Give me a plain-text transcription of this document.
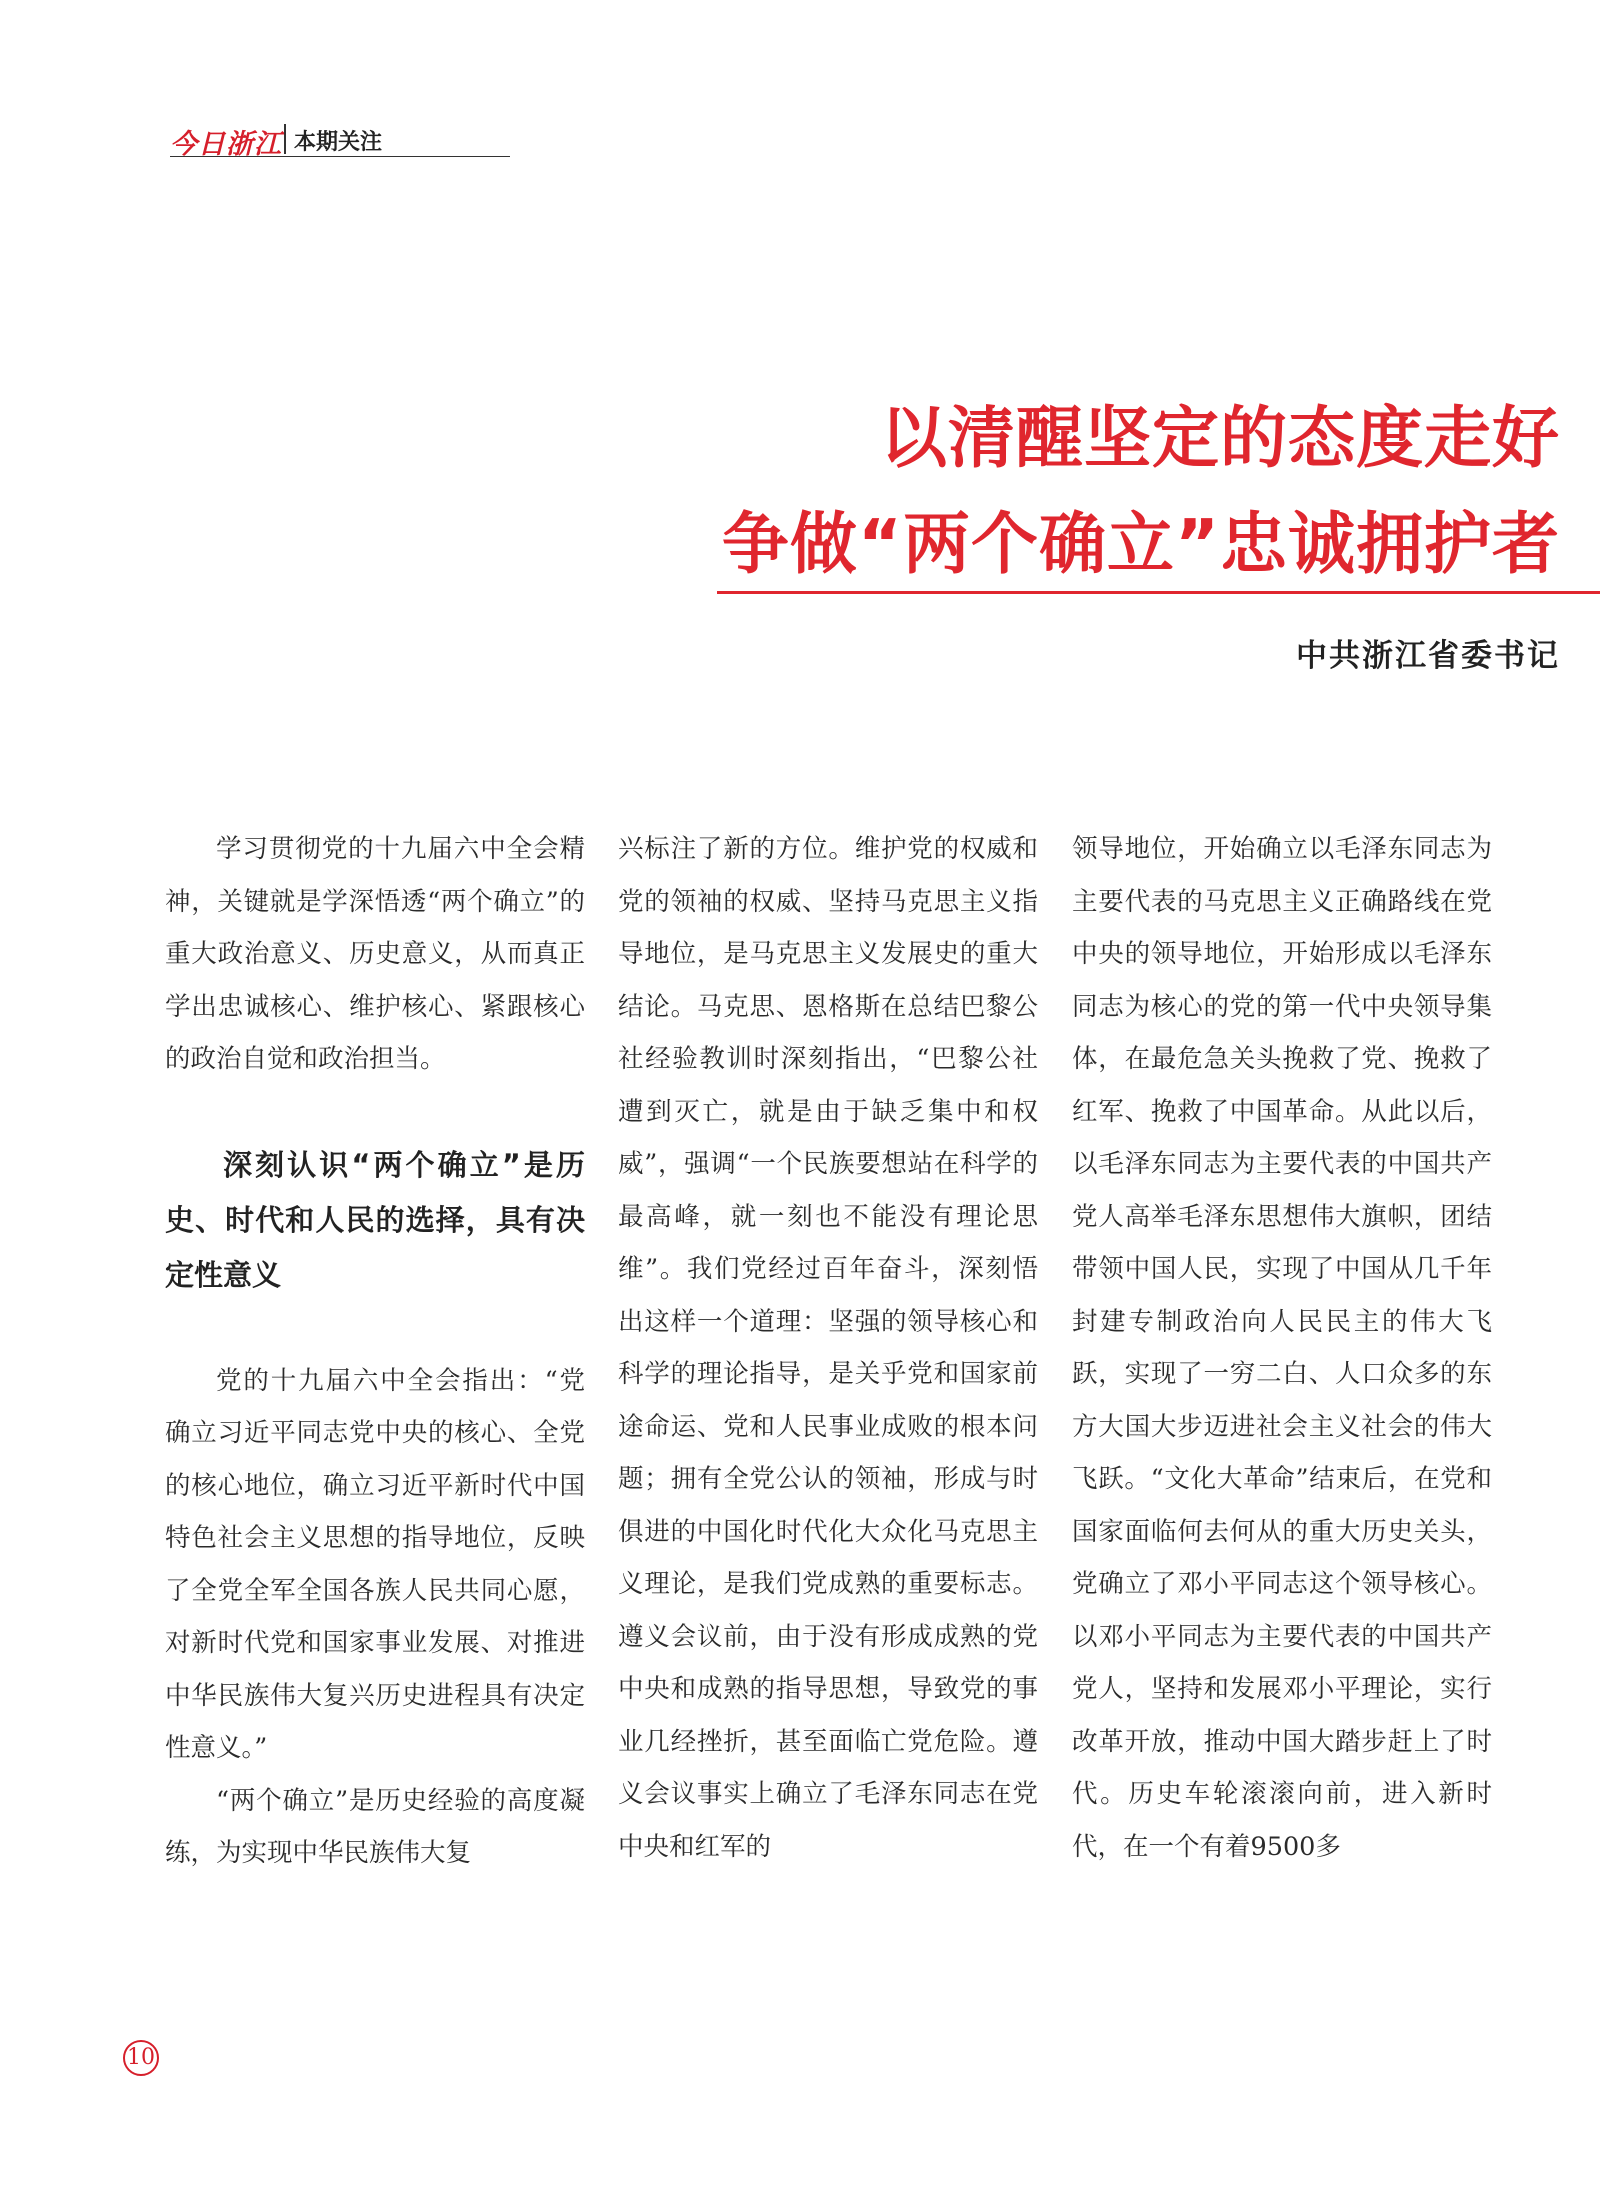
今日浙江 本期关注
以清醒坚定的态度走好
争做“两个确立”忠诚拥护者
中共浙江省委书记

学习贯彻党的十九届六中全会精神，关键就是学深悟透“两个确立”的重大政治意义、历史意义，从而真正学出忠诚核心、维护核心、紧跟核心的政治自觉和政治担当。

深刻认识“两个确立”是历史、时代和人民的选择，具有决定性意义

党的十九届六中全会指出：“党确立习近平同志党中央的核心、全党的核心地位，确立习近平新时代中国特色社会主义思想的指导地位，反映了全党全军全国各族人民共同心愿，对新时代党和国家事业发展、对推进中华民族伟大复兴历史进程具有决定性意义。”

“两个确立”是历史经验的高度凝练，为实现中华民族伟大复

兴标注了新的方位。维护党的权威和党的领袖的权威、坚持马克思主义指导地位，是马克思主义发展史的重大结论。马克思、恩格斯在总结巴黎公社经验教训时深刻指出，“巴黎公社遭到灭亡，就是由于缺乏集中和权威”，强调“一个民族要想站在科学的最高峰，就一刻也不能没有理论思维”。我们党经过百年奋斗，深刻悟出这样一个道理：坚强的领导核心和科学的理论指导，是关乎党和国家前途命运、党和人民事业成败的根本问题；拥有全党公认的领袖，形成与时俱进的中国化时代化大众化马克思主义理论，是我们党成熟的重要标志。遵义会议前，由于没有形成成熟的党中央和成熟的指导思想，导致党的事业几经挫折，甚至面临亡党危险。遵义会议事实上确立了毛泽东同志在党中央和红军的

领导地位，开始确立以毛泽东同志为主要代表的马克思主义正确路线在党中央的领导地位，开始形成以毛泽东同志为核心的党的第一代中央领导集体，在最危急关头挽救了党、挽救了红军、挽救了中国革命。从此以后，以毛泽东同志为主要代表的中国共产党人高举毛泽东思想伟大旗帜，团结带领中国人民，实现了中国从几千年封建专制政治向人民民主的伟大飞跃，实现了一穷二白、人口众多的东方大国大步迈进社会主义社会的伟大飞跃。“文化大革命”结束后，在党和国家面临何去何从的重大历史关头，党确立了邓小平同志这个领导核心。以邓小平同志为主要代表的中国共产党人，坚持和发展邓小平理论，实行改革开放，推动中国大踏步赶上了时代。历史车轮滚滚向前，进入新时代，在一个有着9500多

10
